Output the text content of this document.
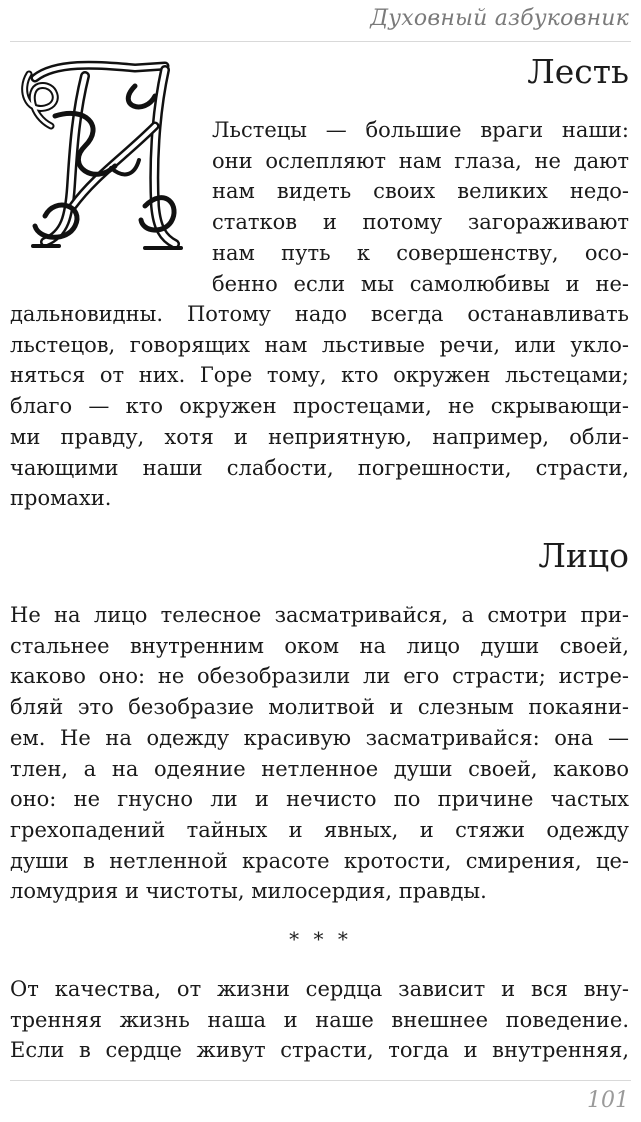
Духовный азбуковник
Лесть
Льстецы — большие враги наши:
они ослепляют нам глаза, не дают
нам видеть своих великих недо-
статков и потому загораживают
нам путь к совершенству, осо-
бенно если мы самолюбивы и не-
дальновидны. Потому надо всегда останавливать
льстецов, говорящих нам льстивые речи, или укло-
няться от них. Горе тому, кто окружен льстецами;
благо — кто окружен простецами, не скрывающи-
ми правду, хотя и неприятную, например, обли-
чающими наши слабости, погрешности, страсти,
промахи.
Лицо
Не на лицо телесное засматривайся, а смотри при-
стальнее внутренним оком на лицо души своей,
каково оно: не обезобразили ли его страсти; истре-
бляй это безобразие молитвой и слезным покаяни-
ем. Не на одежду красивую засматривайся: она —
тлен, а на одеяние нетленное души своей, каково
оно: не гнусно ли и нечисто по причине частых
грехопадений тайных и явных, и стяжи одежду
души в нетленной красоте кротости, смирения, це-
ломудрия и чистоты, милосердия, правды.
* * *
От качества, от жизни сердца зависит и вся вну-
тренняя жизнь наша и наше внешнее поведение.
Если в сердце живут страсти, тогда и внутренняя,
101
